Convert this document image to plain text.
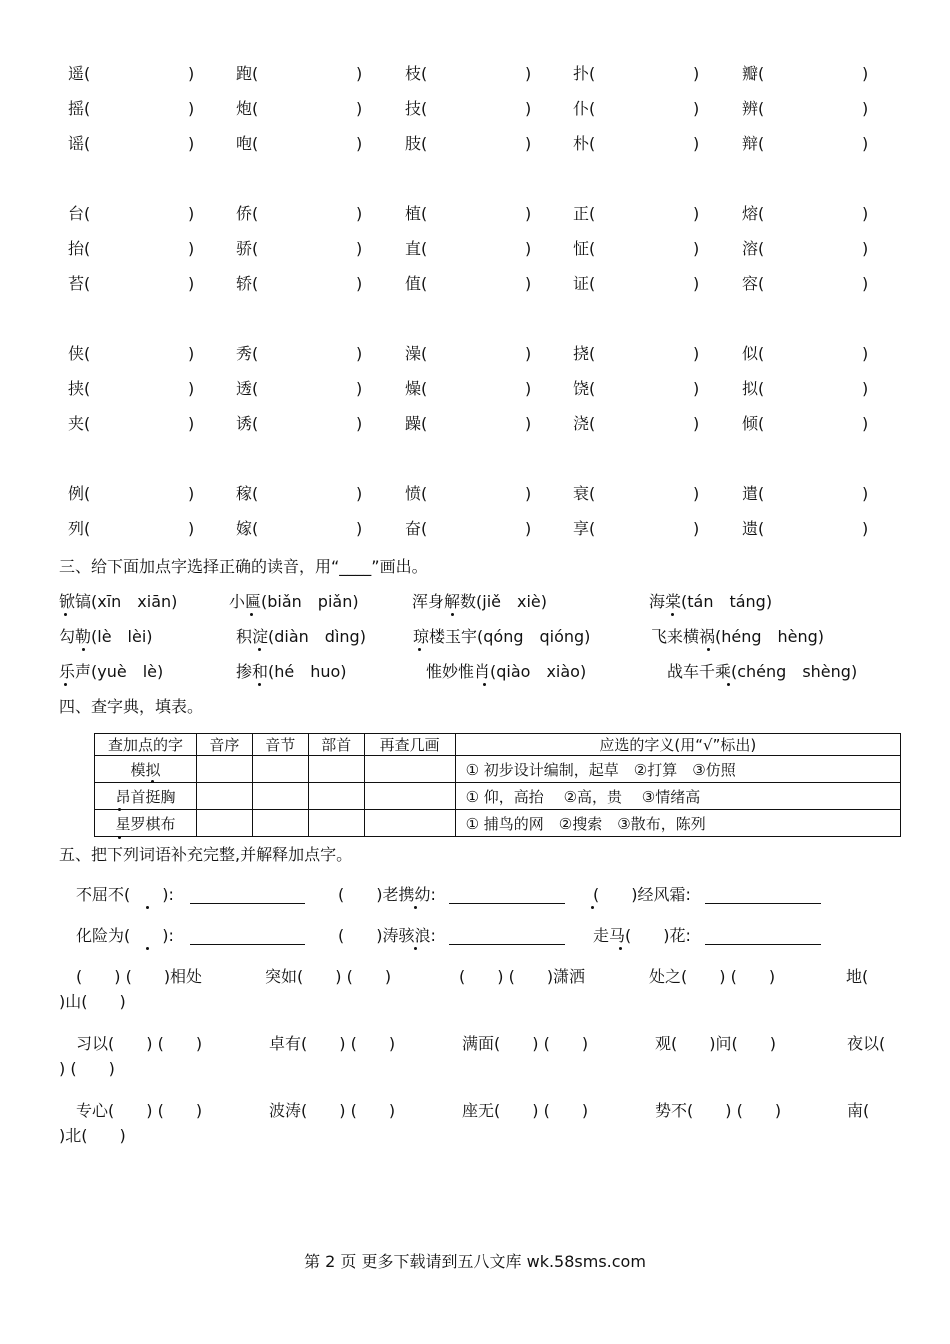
遥(	)	跑(	)	枝(	)	扑(	)	瓣(	)
摇(	)	炮(	)	技(	)	仆(	)	辨(	)
谣(	)	咆(	)	肢(	)	朴(	)	辩(	)
台(	)	侨(	)	植(	)	正(	)	熔(	)
抬(	)	骄(	)	直(	)	怔(	)	溶(	)
苔(	)	轿(	)	值(	)	证(	)	容(	)
侠(	)	秀(	)	澡(	)	挠(	)	似(	)
挟(	)	透(	)	燥(	)	饶(	)	拟(	)
夹(	)	诱(	)	躁(	)	浇(	)	倾(	)
例(	)	稼(	)	愤(	)	衰(	)	遣(	)
列(	)	嫁(	)	奋(	)	享(	)	遗(	)
三、给下面加点字选择正确的读音，用“____”画出。
锨镐(xīn　xiān)	小匾(biǎn　piǎn)	浑身解数(jiě　xiè)	海棠(tán　táng)
勾勒(lè　lèi)	积淀(diàn　dìng)	琼楼玉宇(qóng　qióng)	飞来横祸(héng　hèng)
乐声(yuè　lè)	掺和(hé　huo)	惟妙惟肖(qiào　xiào)	战车千乘(chéng　shèng)
四、查字典，填表。
查加点的字	音序	音节	部首	再查几画	应选的字义(用“√”标出)
模拟					① 初步设计编制，起草　②打算　③仿照
昂首挺胸					① 仰，高抬　 ②高，贵　 ③情绪高
星罗棋布					① 捕鸟的网　②搜索　③散布，陈列
五、把下列词语补充完整,并解释加点字。
不屈不(　　):	(　　)老携幼:	(　　)经风霜:
化险为(　　):	(　　)涛骇浪:	走马(　　)花:
(　　) (　　)相处	突如(　　) (　　)	(　　) (　　)潇洒	处之(　　) (　　)	地(
)山(　　)
习以(　　) (　　)	卓有(　　) (　　)	满面(　　) (　　)	观(　　)问(　　)	夜以(
) (　　)
专心(　　) (　　)	波涛(　　) (　　)	座无(　　) (　　)	势不(　　) (　　)	南(
)北(　　)
第 2 页 更多下载请到五八文库 wk.58sms.com
